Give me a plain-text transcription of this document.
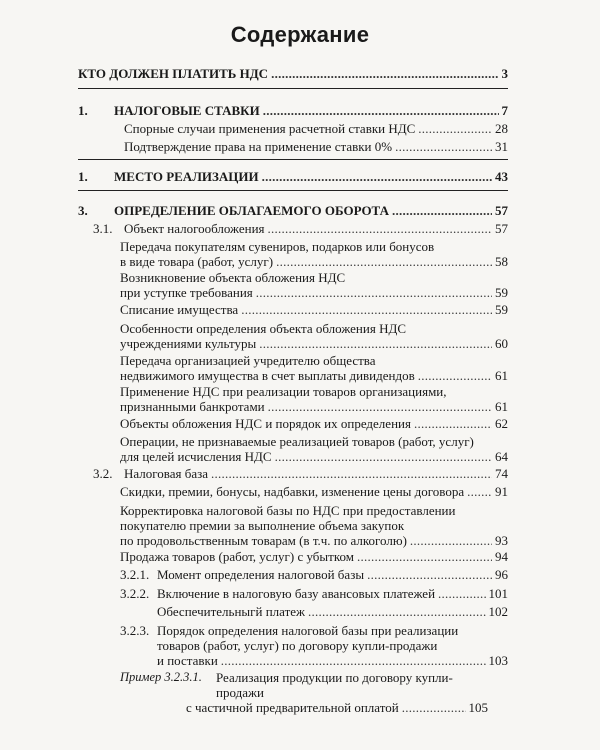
Содержание
КТО ДОЛЖЕН ПЛАТИТЬ НДС . . .	3
1. НАЛОГОВЫЕ СТАВКИ . . .	7
Спорные случаи применения расчетной ставки НДС . . .	28
Подтверждение права на применение ставки 0% . . .	31
1. МЕСТО РЕАЛИЗАЦИИ . . .	43
3. ОПРЕДЕЛЕНИЕ ОБЛАГАЕМОГО ОБОРОТА . . .	57
3.1. Объект налогообложения . . .	57
Передача покупателям сувениров, подарков или бонусов
в виде товара (работ, услуг) . . .	58
Возникновение объекта обложения НДС
при уступке требования . . .	59
Списание имущества . . .	59
Особенности определения объекта обложения НДС
учреждениями культуры . . .	60
Передача организацией учредителю общества
недвижимого имущества в счет выплаты дивидендов . . .	61
Применение НДС при реализации товаров организациями,
признанными банкротами . . .	61
Объекты обложения НДС и порядок их определения . . .	62
Операции, не признаваемые реализацией товаров (работ, услуг)
для целей исчисления НДС . . .	64
3.2. Налоговая база . . .	74
Скидки, премии, бонусы, надбавки, изменение цены договора . . . 91
Корректировка налоговой базы по НДС при предоставлении
покупателю премии за выполнение объема закупок
по продовольственным товарам (в т.ч. по алкоголю) . . .	93
Продажа товаров (работ, услуг) с убытком . . .	94
3.2.1. Момент определения налоговой базы . . .	96
3.2.2. Включение в налоговую базу авансовых платежей . . .	101
Обеспечительныгй платеж . . .	102
3.2.3. Порядок определения налоговой базы при реализации
товаров (работ, услуг) по договору купли-продажи
и поставки . . .	103
Пример 3.2.3.1. Реализация продукции по договору купли-продажи
с частичной предварительной оплатой . . .	105
